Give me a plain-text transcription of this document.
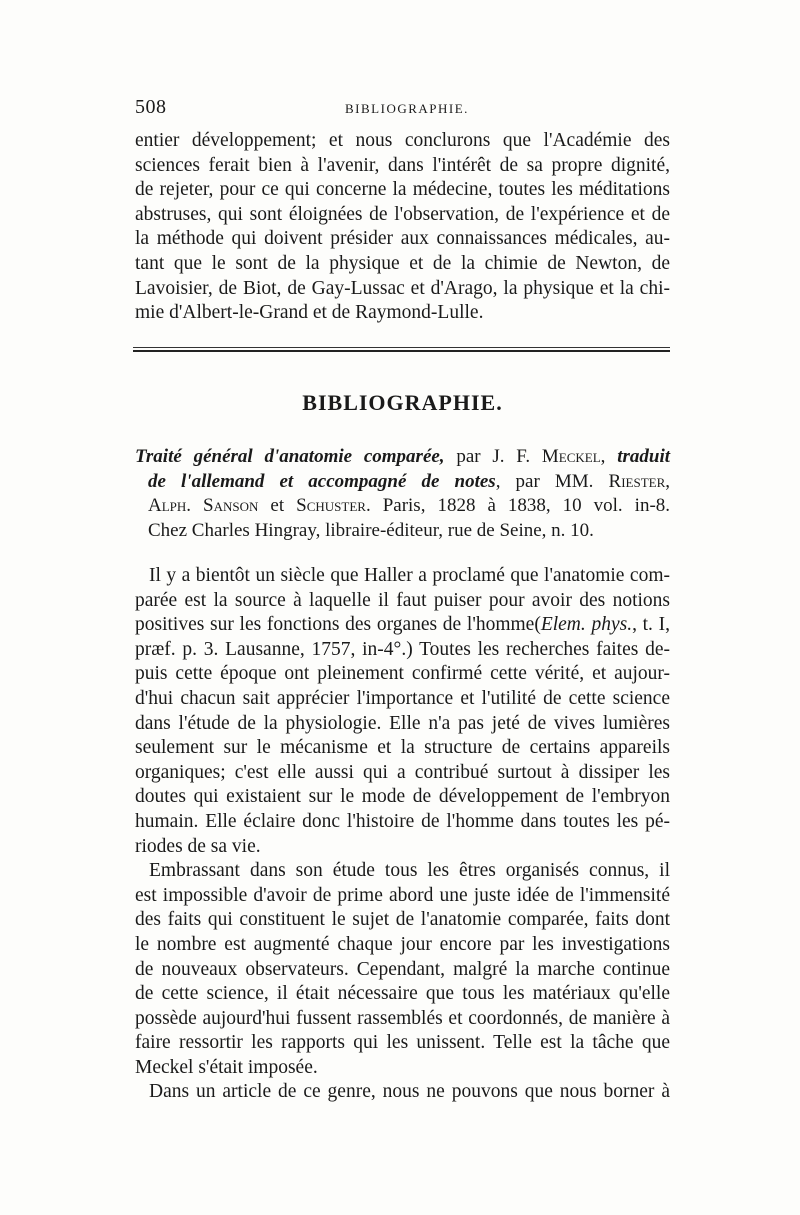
508	BIBLIOGRAPHIE.
entier développement; et nous conclurons que l'Académie des
sciences ferait bien à l'avenir, dans l'intérêt de sa propre dignité,
de rejeter, pour ce qui concerne la médecine, toutes les méditations
abstruses, qui sont éloignées de l'observation, de l'expérience et de
la méthode qui doivent présider aux connaissances médicales, au-
tant que le sont de la physique et de la chimie de Newton, de
Lavoisier, de Biot, de Gay-Lussac et d'Arago, la physique et la chi-
mie d'Albert-le-Grand et de Raymond-Lulle.
BIBLIOGRAPHIE.
Traité général d'anatomie comparée, par J. F. Meckel, traduit
de l'allemand et accompagné de notes, par MM. Riester,
Alph. Sanson et Schuster. Paris, 1828 à 1838, 10 vol. in-8.
Chez Charles Hingray, libraire-éditeur, rue de Seine, n. 10.
Il y a bientôt un siècle que Haller a proclamé que l'anatomie com-
parée est la source à laquelle il faut puiser pour avoir des notions
positives sur les fonctions des organes de l'homme(Elem. phys., t. I,
præf. p. 3. Lausanne, 1757, in-4°.) Toutes les recherches faites de-
puis cette époque ont pleinement confirmé cette vérité, et aujour-
d'hui chacun sait apprécier l'importance et l'utilité de cette science
dans l'étude de la physiologie. Elle n'a pas jeté de vives lumières
seulement sur le mécanisme et la structure de certains appareils
organiques; c'est elle aussi qui a contribué surtout à dissiper les
doutes qui existaient sur le mode de développement de l'embryon
humain. Elle éclaire donc l'histoire de l'homme dans toutes les pé-
riodes de sa vie.
Embrassant dans son étude tous les êtres organisés connus, il
est impossible d'avoir de prime abord une juste idée de l'immensité
des faits qui constituent le sujet de l'anatomie comparée, faits dont
le nombre est augmenté chaque jour encore par les investigations
de nouveaux observateurs. Cependant, malgré la marche continue
de cette science, il était nécessaire que tous les matériaux qu'elle
possède aujourd'hui fussent rassemblés et coordonnés, de manière à
faire ressortir les rapports qui les unissent. Telle est la tâche que
Meckel s'était imposée.
Dans un article de ce genre, nous ne pouvons que nous borner à
